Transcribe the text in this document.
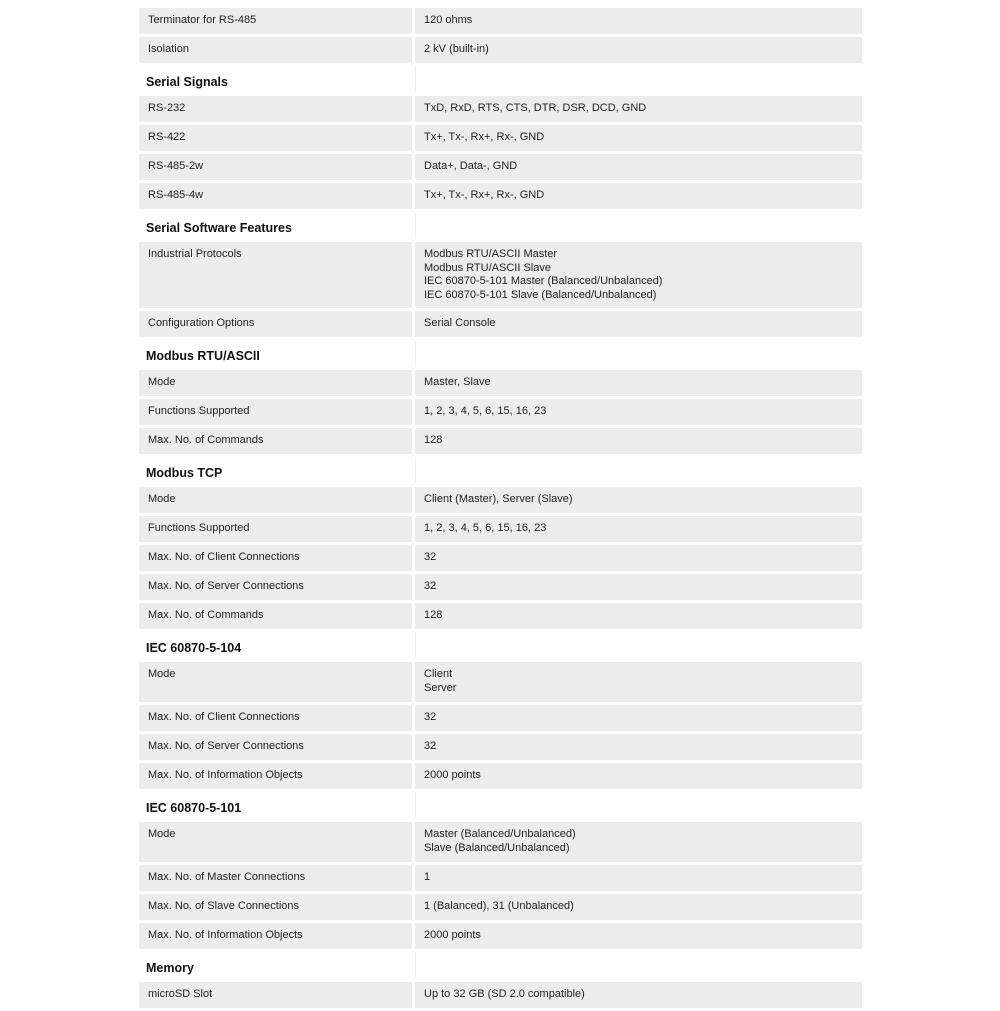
Terminator for RS-485	120 ohms
Isolation	2 kV (built-in)
Serial Signals
RS-232	TxD, RxD, RTS, CTS, DTR, DSR, DCD, GND
RS-422	Tx+, Tx-, Rx+, Rx-, GND
RS-485-2w	Data+, Data-, GND
RS-485-4w	Tx+, Tx-, Rx+, Rx-, GND
Serial Software Features
Industrial Protocols	Modbus RTU/ASCII Master
Modbus RTU/ASCII Slave
IEC 60870-5-101 Master (Balanced/Unbalanced)
IEC 60870-5-101 Slave (Balanced/Unbalanced)
Configuration Options	Serial Console
Modbus RTU/ASCII
Mode	Master, Slave
Functions Supported	1, 2, 3, 4, 5, 6, 15, 16, 23
Max. No. of Commands	128
Modbus TCP
Mode	Client (Master), Server (Slave)
Functions Supported	1, 2, 3, 4, 5, 6, 15, 16, 23
Max. No. of Client Connections	32
Max. No. of Server Connections	32
Max. No. of Commands	128
IEC 60870-5-104
Mode	Client
Server
Max. No. of Client Connections	32
Max. No. of Server Connections	32
Max. No. of Information Objects	2000 points
IEC 60870-5-101
Mode	Master (Balanced/Unbalanced)
Slave (Balanced/Unbalanced)
Max. No. of Master Connections	1
Max. No. of Slave Connections	1 (Balanced), 31 (Unbalanced)
Max. No. of Information Objects	2000 points
Memory
microSD Slot	Up to 32 GB (SD 2.0 compatible)
